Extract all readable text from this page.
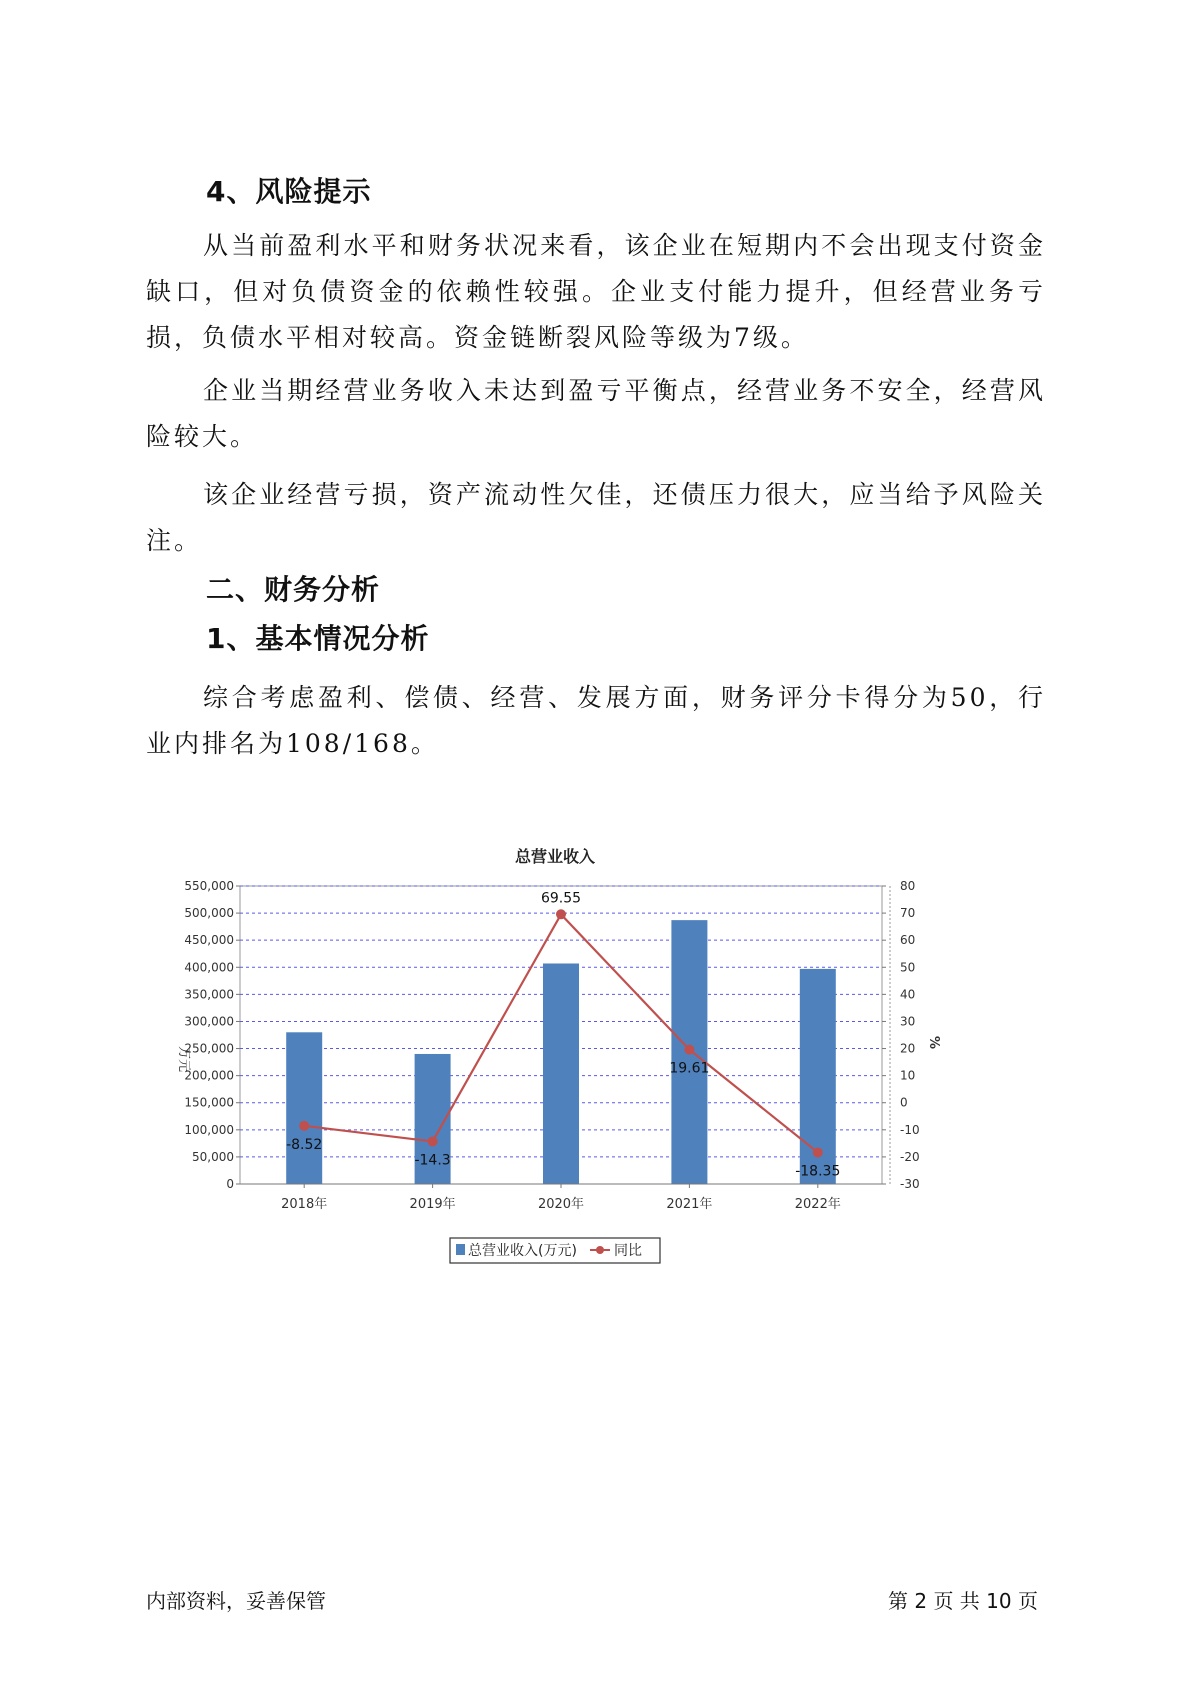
4、风险提示
从当前盈利水平和财务状况来看，该企业在短期内不会出现支付资金缺口，但对负债资金的依赖性较强。企业支付能力提升，但经营业务亏损，负债水平相对较高。资金链断裂风险等级为7级。
企业当期经营业务收入未达到盈亏平衡点，经营业务不安全，经营风险较大。
该企业经营亏损，资产流动性欠佳，还债压力很大，应当给予风险关注。
二、财务分析
1、基本情况分析
综合考虑盈利、偿债、经营、发展方面，财务评分卡得分为50，行业内排名为108/168。
总营业收入
万元
%
0
50,000
100,000
150,000
200,000
250,000
300,000
350,000
400,000
450,000
500,000
550,000
-30
-20
-10
0
10
20
30
40
50
60
70
80
-8.52
-14.3
69.55
19.61
-18.35
2018年	2019年	2020年	2021年	2022年
总营业收入(万元)	同比
内部资料，妥善保管	第 2 页 共 10 页
